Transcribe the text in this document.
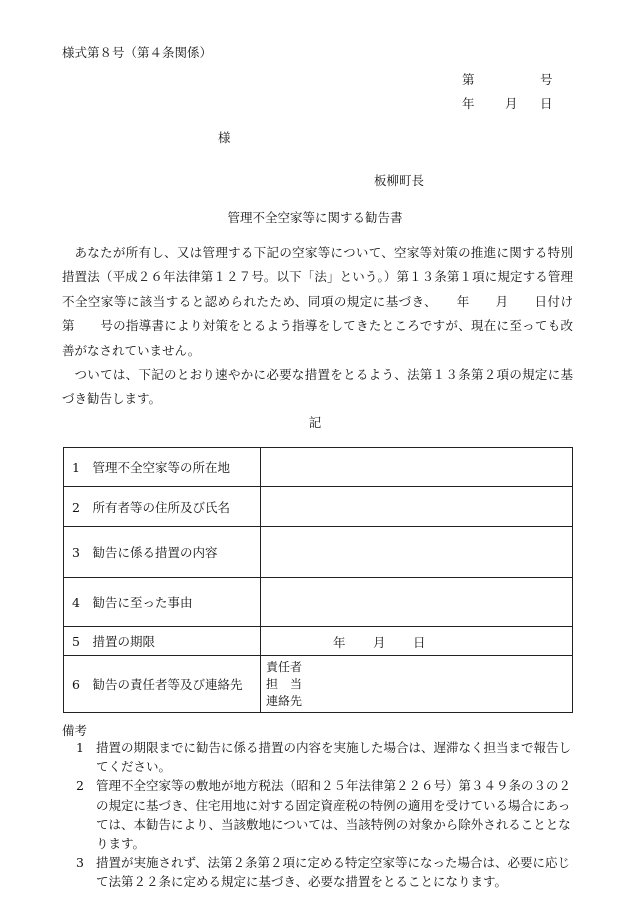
様式第８号（第４条関係）
第	号
年 月 日
様
板柳町長
管理不全空家等に関する勧告書

あなたが所有し、又は管理する下記の空家等について、空家等対策の推進に関する特別措置法（平成２６年法律第１２７号。以下「法」という。）第１３条第１項に規定する管理不全空家等に該当すると認められたため、同項の規定に基づき、　　年　　月　　日付け　　　第　　号の指導書により対策をとるよう指導をしてきたところですが、現在に至っても改善がなされていません。

ついては、下記のとおり速やかに必要な措置をとるよう、法第１３条第２項の規定に基づき勧告します。

記
1　管理不全空家等の所在地	
2　所有者等の住所及び氏名	
3　勧告に係る措置の内容	
4　勧告に至った事由	
5　措置の期限	年 月 日

6　勧告の責任者等及び連絡先	責任者
担　当
連絡先
備考
1 措置の期限までに勧告に係る措置の内容を実施した場合は、遅滞なく担当まで報告してください。
2 管理不全空家等の敷地が地方税法（昭和２５年法律第２２６号）第３４９条の３の２の規定に基づき、住宅用地に対する固定資産税の特例の適用を受けている場合にあっては、本勧告により、当該敷地については、当該特例の対象から除外されることとなります。
3 措置が実施されず、法第２条第２項に定める特定空家等になった場合は、必要に応じて法第２２条に定める規定に基づき、必要な措置をとることになります。
